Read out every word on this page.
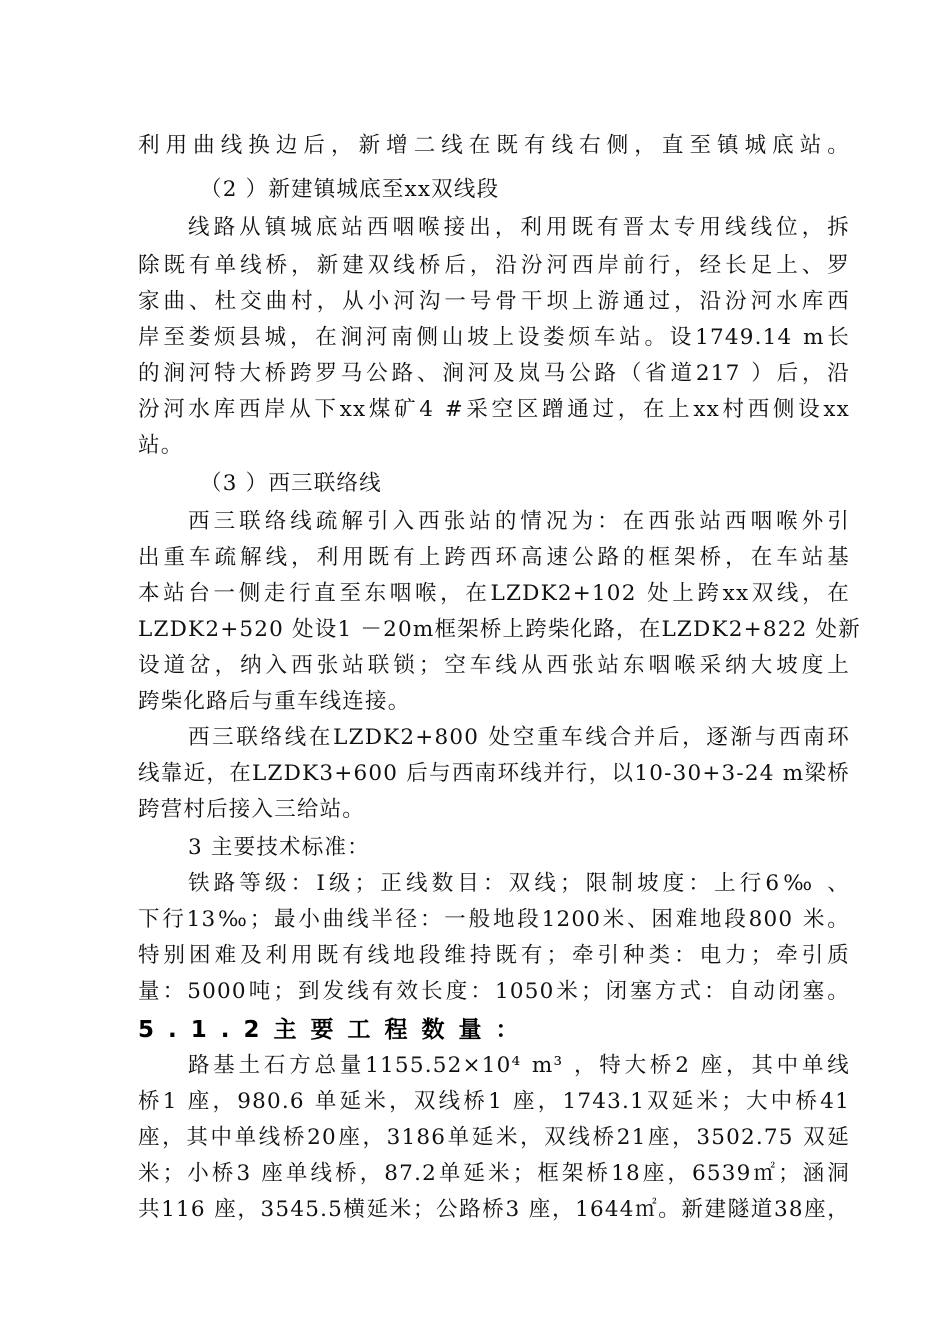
利用曲线换边后，新增二线在既有线右侧，直至镇城底站。
（2 ）新建镇城底至xx双线段
线路从镇城底站西咽喉接出，利用既有晋太专用线线位，拆
除既有单线桥，新建双线桥后，沿汾河西岸前行，经长足上、罗
家曲、杜交曲村，从小河沟一号骨干坝上游通过，沿汾河水库西
岸至娄烦县城，在涧河南侧山坡上设娄烦车站。设1749.14 m长
的涧河特大桥跨罗马公路、涧河及岚马公路（省道217 ）后，沿
汾河水库西岸从下xx煤矿4 #采空区蹭通过，在上xx村西侧设xx
站。
（3 ）西三联络线
西三联络线疏解引入西张站的情况为：在西张站西咽喉外引
出重车疏解线，利用既有上跨西环高速公路的框架桥，在车站基
本站台一侧走行直至东咽喉，在LZDK2+102 处上跨xx双线，在
LZDK2+520 处设1 －20m框架桥上跨柴化路，在LZDK2+822 处新
设道岔，纳入西张站联锁；空车线从西张站东咽喉采纳大坡度上
跨柴化路后与重车线连接。
西三联络线在LZDK2+800 处空重车线合并后，逐渐与西南环
线靠近，在LZDK3+600 后与西南环线并行，以10-30+3-24 m梁桥
跨营村后接入三给站。
3 主要技术标准：
铁路等级：Ⅰ级；正线数目：双线；限制坡度：上行6‰ 、
下行13‰；最小曲线半径：一般地段1200米、困难地段800 米。
特别困难及利用既有线地段维持既有；牵引种类：电力；牵引质
量：5000吨；到发线有效长度：1050米；闭塞方式：自动闭塞。
5.1.2主要工程数量：
路基土石方总量1155.52×10⁴ m³ ，特大桥2 座，其中单线
桥1 座，980.6 单延米，双线桥1 座，1743.1双延米；大中桥41
座，其中单线桥20座，3186单延米，双线桥21座，3502.75 双延
米；小桥3 座单线桥，87.2单延米；框架桥18座，6539㎡；涵洞
共116 座，3545.5横延米；公路桥3 座，1644㎡。新建隧道38座，
